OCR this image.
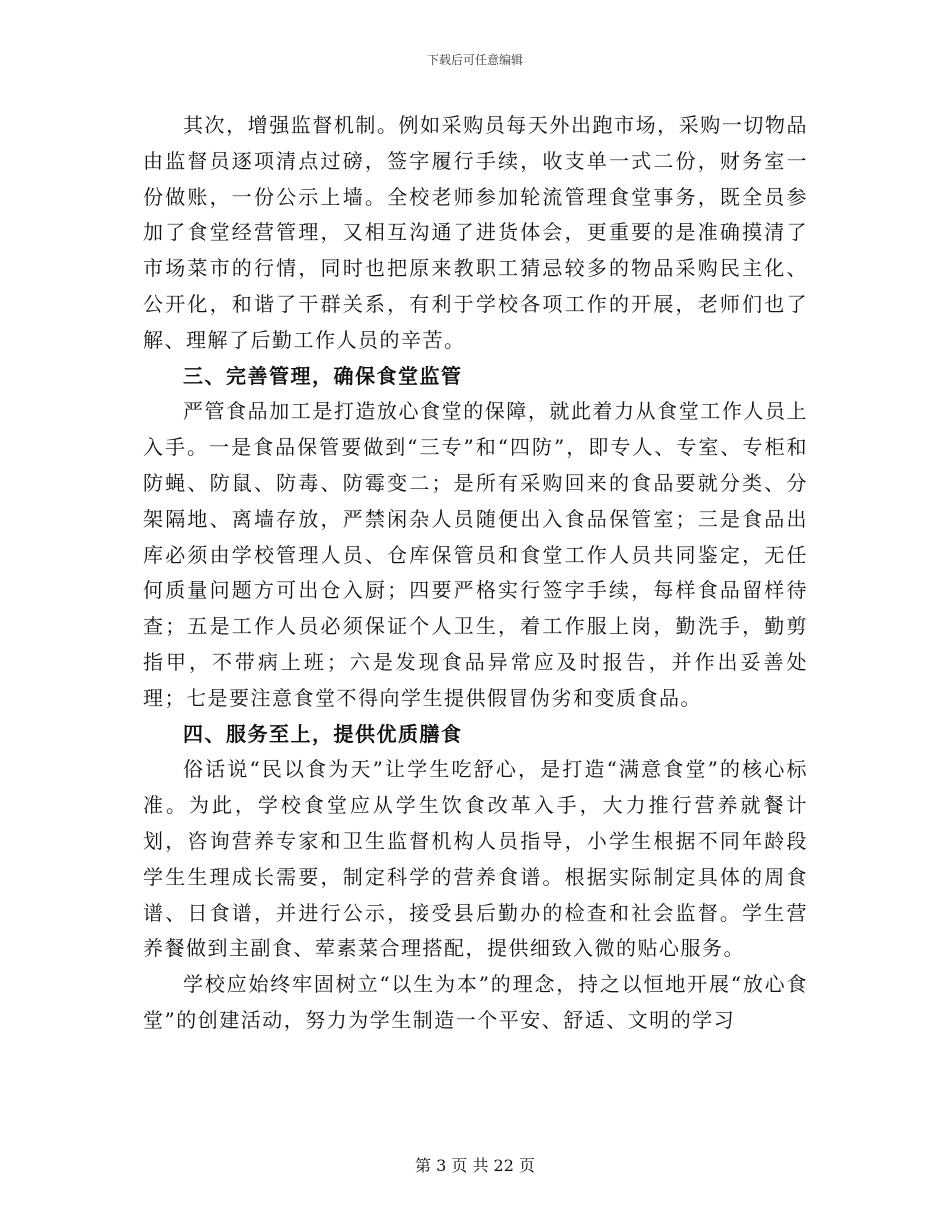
下载后可任意编辑

其次，增强监督机制。例如采购员每天外出跑市场，采购一切物品由监督员逐项清点过磅，签字履行手续，收支单一式二份，财务室一份做账，一份公示上墙。全校老师参加轮流管理食堂事务，既全员参加了食堂经营管理，又相互沟通了进货体会，更重要的是准确摸清了市场菜市的行情，同时也把原来教职工猜忌较多的物品采购民主化、公开化，和谐了干群关系，有利于学校各项工作的开展，老师们也了解、理解了后勤工作人员的辛苦。

三、完善管理，确保食堂监管

严管食品加工是打造放心食堂的保障，就此着力从食堂工作人员上入手。一是食品保管要做到“三专”和“四防”，即专人、专室、专柜和防蝇、防鼠、防毒、防霉变二；是所有采购回来的食品要就分类、分架隔地、离墙存放，严禁闲杂人员随便出入食品保管室；三是食品出库必须由学校管理人员、仓库保管员和食堂工作人员共同鉴定，无任何质量问题方可出仓入厨；四要严格实行签字手续，每样食品留样待查；五是工作人员必须保证个人卫生，着工作服上岗，勤洗手，勤剪指甲，不带病上班；六是发现食品异常应及时报告，并作出妥善处理；七是要注意食堂不得向学生提供假冒伪劣和变质食品。

四、服务至上，提供优质膳食

俗话说“民以食为天”让学生吃舒心，是打造“满意食堂”的核心标准。为此，学校食堂应从学生饮食改革入手，大力推行营养就餐计划，咨询营养专家和卫生监督机构人员指导，小学生根据不同年龄段学生生理成长需要，制定科学的营养食谱。根据实际制定具体的周食谱、日食谱，并进行公示，接受县后勤办的检查和社会监督。学生营养餐做到主副食、荤素菜合理搭配，提供细致入微的贴心服务。

学校应始终牢固树立“以生为本”的理念，持之以恒地开展“放心食堂”的创建活动，努力为学生制造一个平安、舒适、文明的学习

第 3 页 共 22 页
